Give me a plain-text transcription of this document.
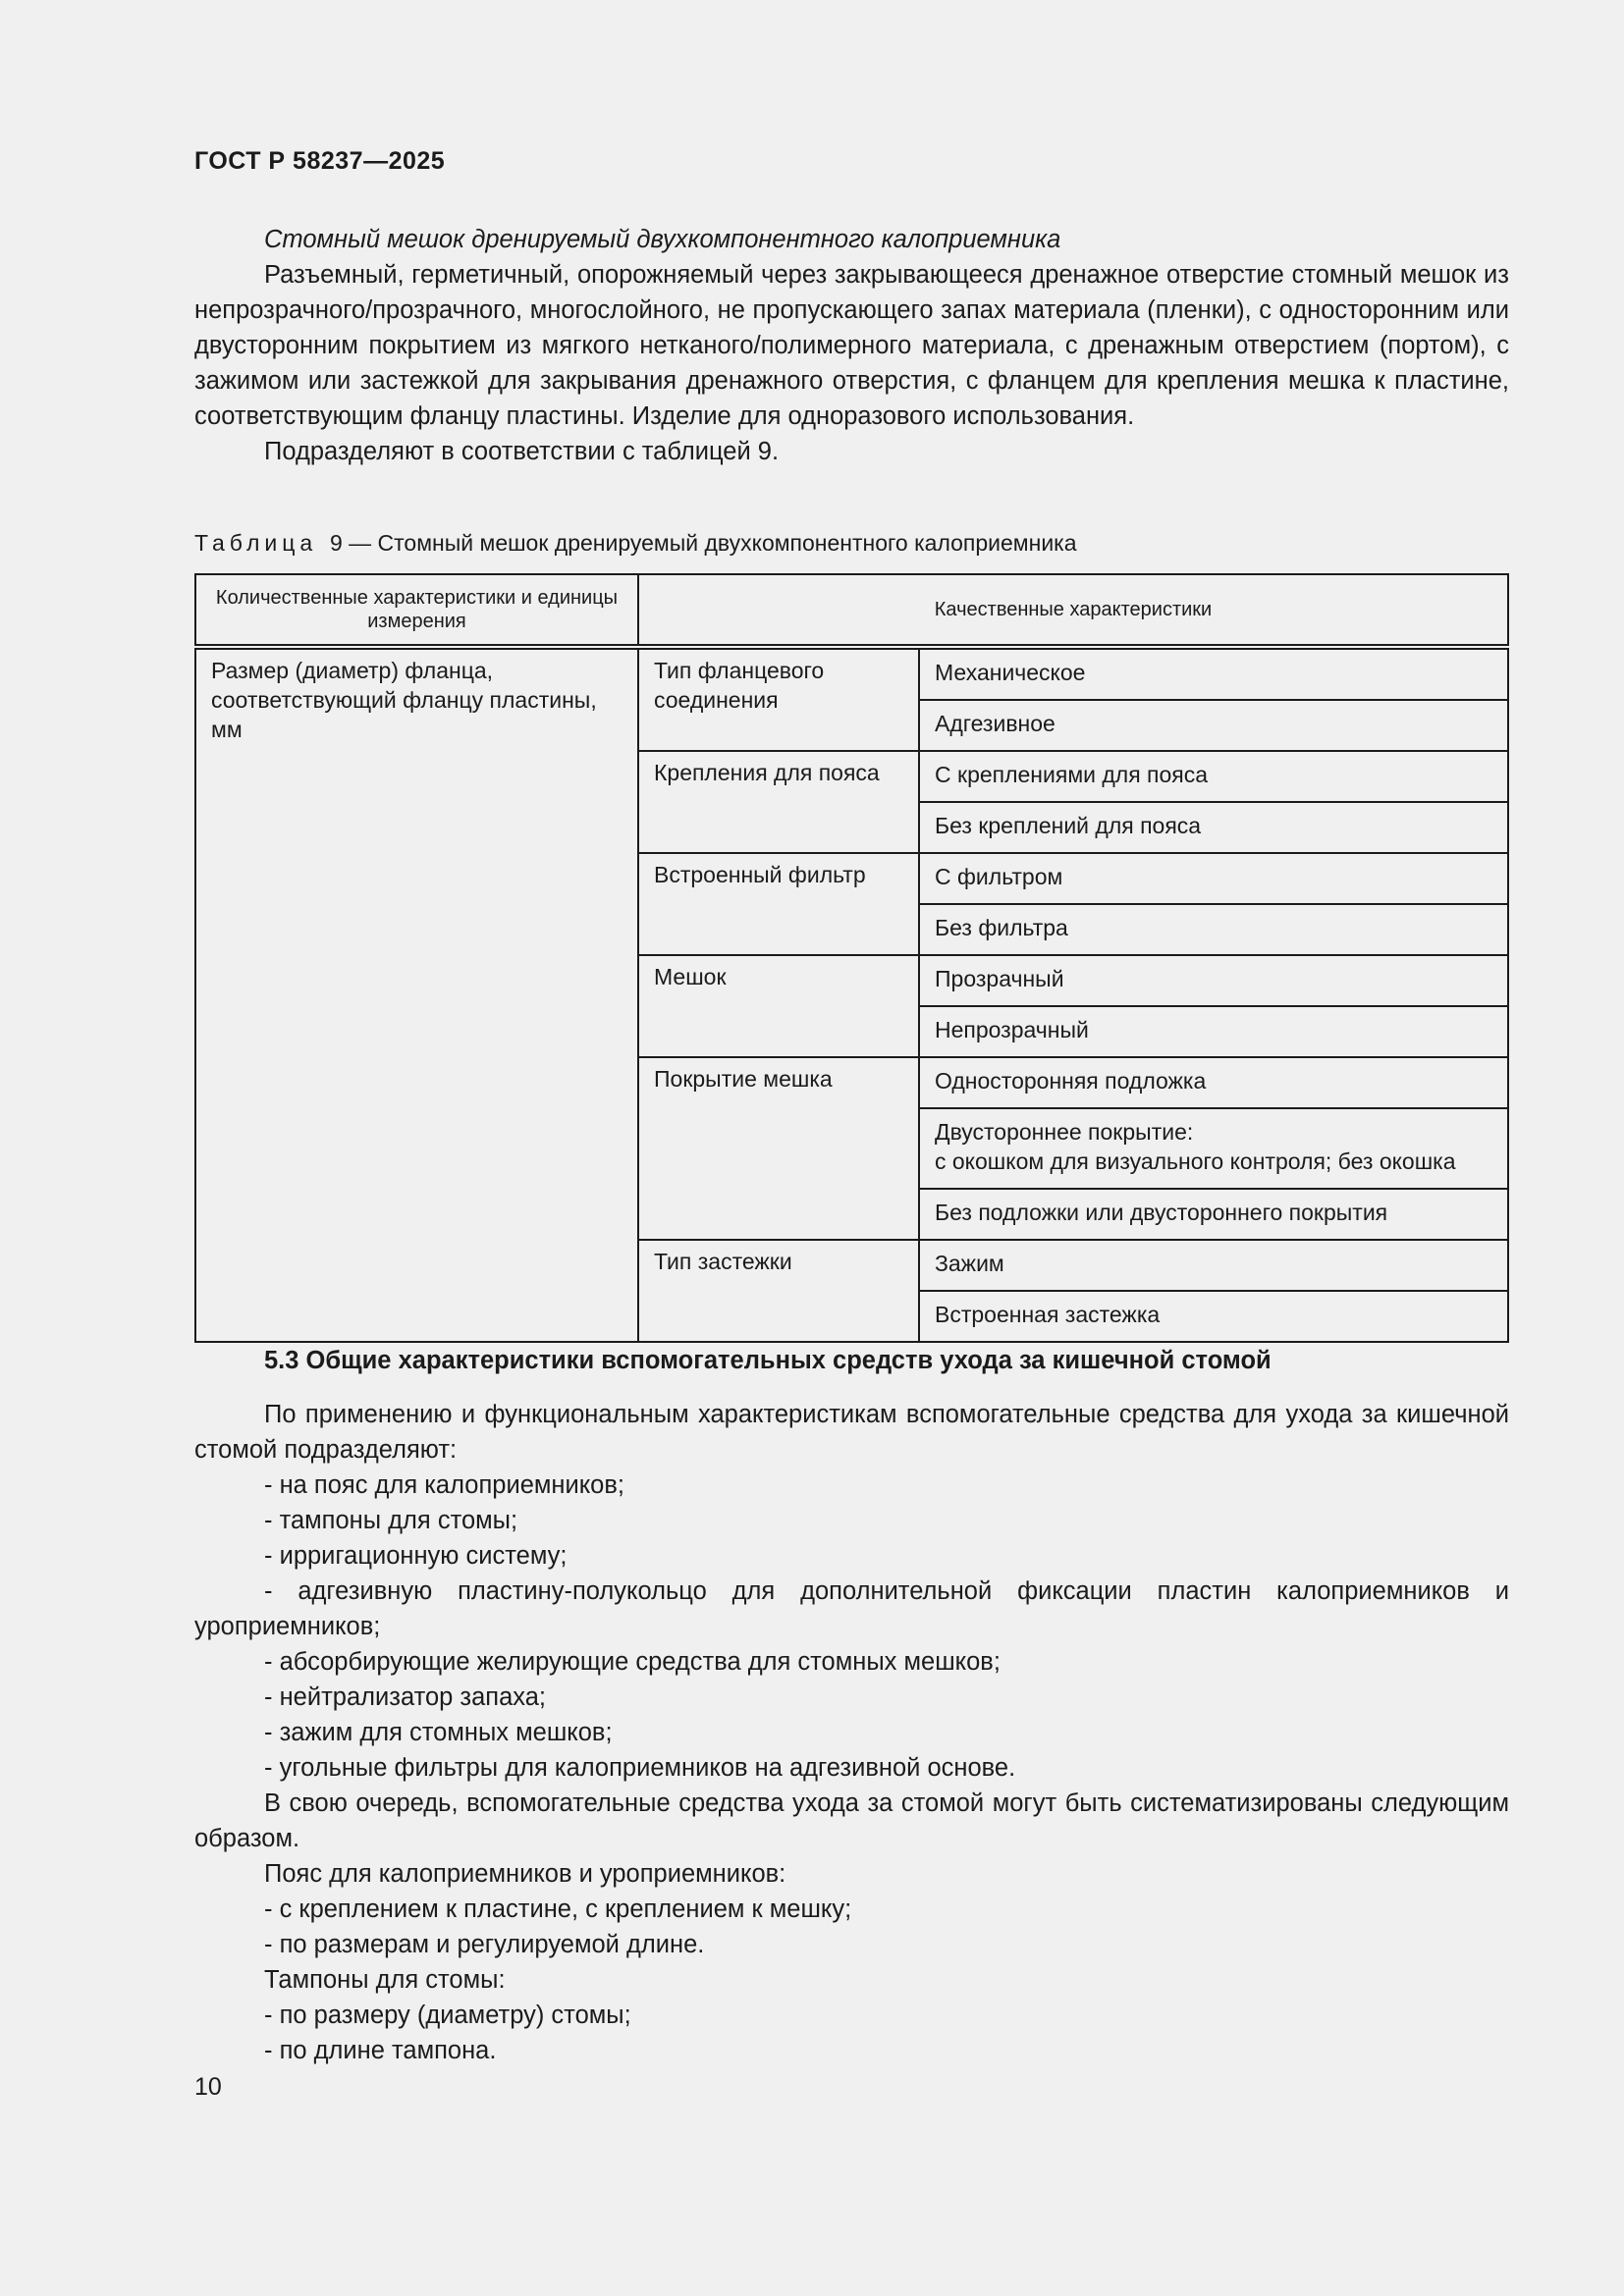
ГОСТ Р 58237—2025

Стомный мешок дренируемый двухкомпонентного калоприемника

Разъемный, герметичный, опорожняемый через закрывающееся дренажное отверстие стомный мешок из непрозрачного/прозрачного, многослойного, не пропускающего запах материала (пленки), с односторонним или двусторонним покрытием из мягкого нетканого/полимерного материала, с дренажным отверстием (портом), с зажимом или застежкой для закрывания дренажного отверстия, с фланцем для крепления мешка к пластине, соответствующим фланцу пластины. Изделие для одноразового использования.

Подразделяют в соответствии с таблицей 9.

Таблица 9 — Стомный мешок дренируемый двухкомпонентного калоприемника
Количественные характеристики и единицы измерения	Качественные характеристики	
Размер (диаметр) фланца, соответствующий фланцу пластины, мм	Тип фланцевого соединения	Механическое
		Адгезивное
	Крепления для пояса	С креплениями для пояса
		Без креплений для пояса
	Встроенный фильтр	С фильтром
		Без фильтра
	Мешок	Прозрачный
		Непрозрачный
	Покрытие мешка	Односторонняя подложка
		Двустороннее покрытие:
с окошком для визуального контроля; без окошка
		Без подложки или двустороннего покрытия
	Тип застежки	Зажим
		Встроенная застежка
5.3 Общие характеристики вспомогательных средств ухода за кишечной стомой

По применению и функциональным характеристикам вспомогательные средства для ухода за кишечной стомой подразделяют:

- на пояс для калоприемников;

- тампоны для стомы;

- ирригационную систему;

- адгезивную пластину-полукольцо для дополнительной фиксации пластин калоприемников и уроприемников;

- абсорбирующие желирующие средства для стомных мешков;

- нейтрализатор запаха;

- зажим для стомных мешков;

- угольные фильтры для калоприемников на адгезивной основе.

В свою очередь, вспомогательные средства ухода за стомой могут быть систематизированы следующим образом.

Пояс для калоприемников и уроприемников:

- с креплением к пластине, с креплением к мешку;

- по размерам и регулируемой длине.

Тампоны для стомы:

- по размеру (диаметру) стомы;

- по длине тампона.

10
